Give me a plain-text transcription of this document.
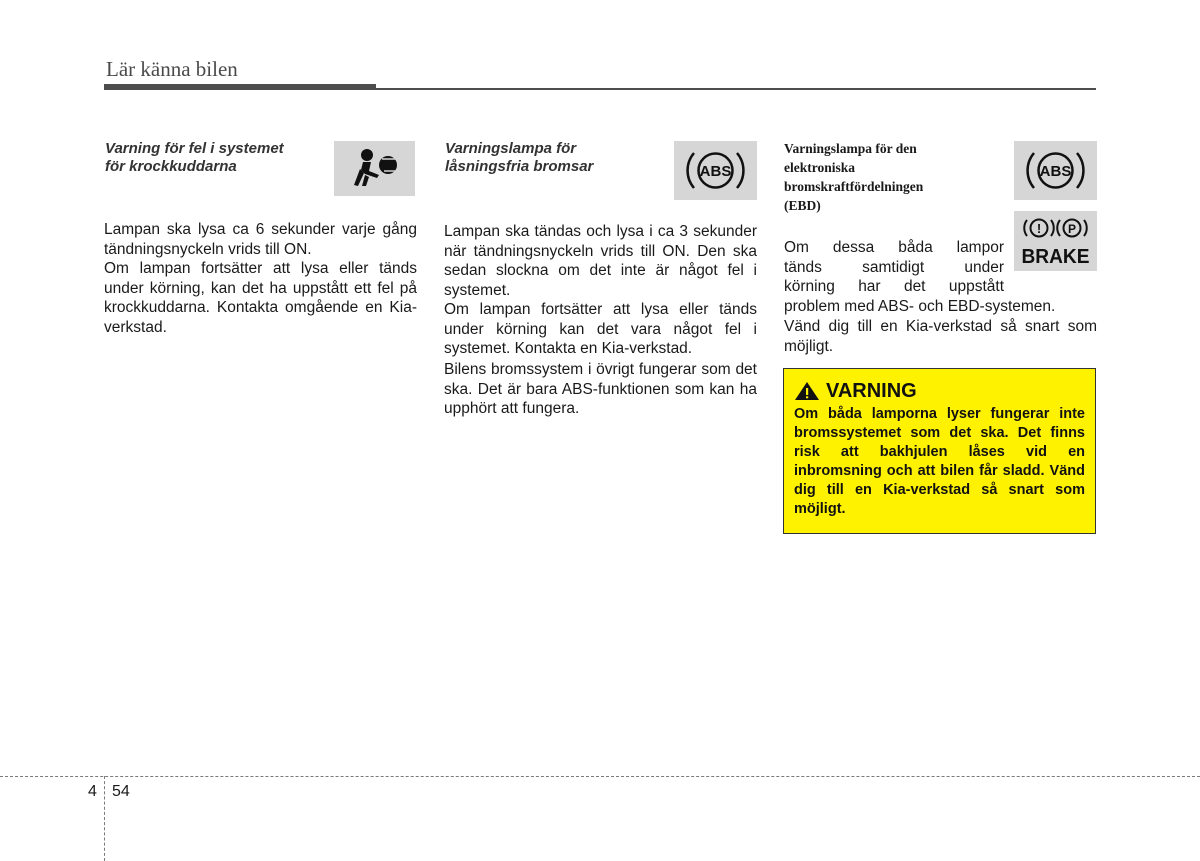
Lär känna bilen
Varning för fel i systemet
för krockkuddarna

Lampan ska lysa ca 6 sekunder varje gång tändningsnyckeln vrids till ON.

Om lampan fortsätter att lysa eller tänds under körning, kan det ha uppstått ett fel på krockkuddarna. Kontakta omgående en Kia-verkstad.

Varningslampa för
låsningsfria bromsar	ABS

Lampan ska tändas och lysa i ca 3 sekunder när tändningsnyckeln vrids till ON. Den ska sedan slockna om det inte är något fel i systemet.

Om lampan fortsätter att lysa eller tänds under körning kan det vara något fel i systemet. Kontakta en Kia-verkstad.

Bilens bromssystem i övrigt fungerar som det ska. Det är bara ABS-funktionen som kan ha upphört att fungera.

Varningslampa för den
elektroniska
bromskraftfördelningen
(EBD)
ABS
! P
BRAKE
Om dessa båda lampor
tänds samtidigt under
körning har det uppstått
problem med ABS- och EBD-systemen.

Vänd dig till en Kia-verkstad så snart som möjligt.

VARNING
Om båda lamporna lyser fungerar inte bromssystemet som det ska. Det finns risk att bakhjulen låses vid en inbromsning och att bilen får sladd. Vänd dig till en Kia-verkstad så snart som möjligt.
4 54
